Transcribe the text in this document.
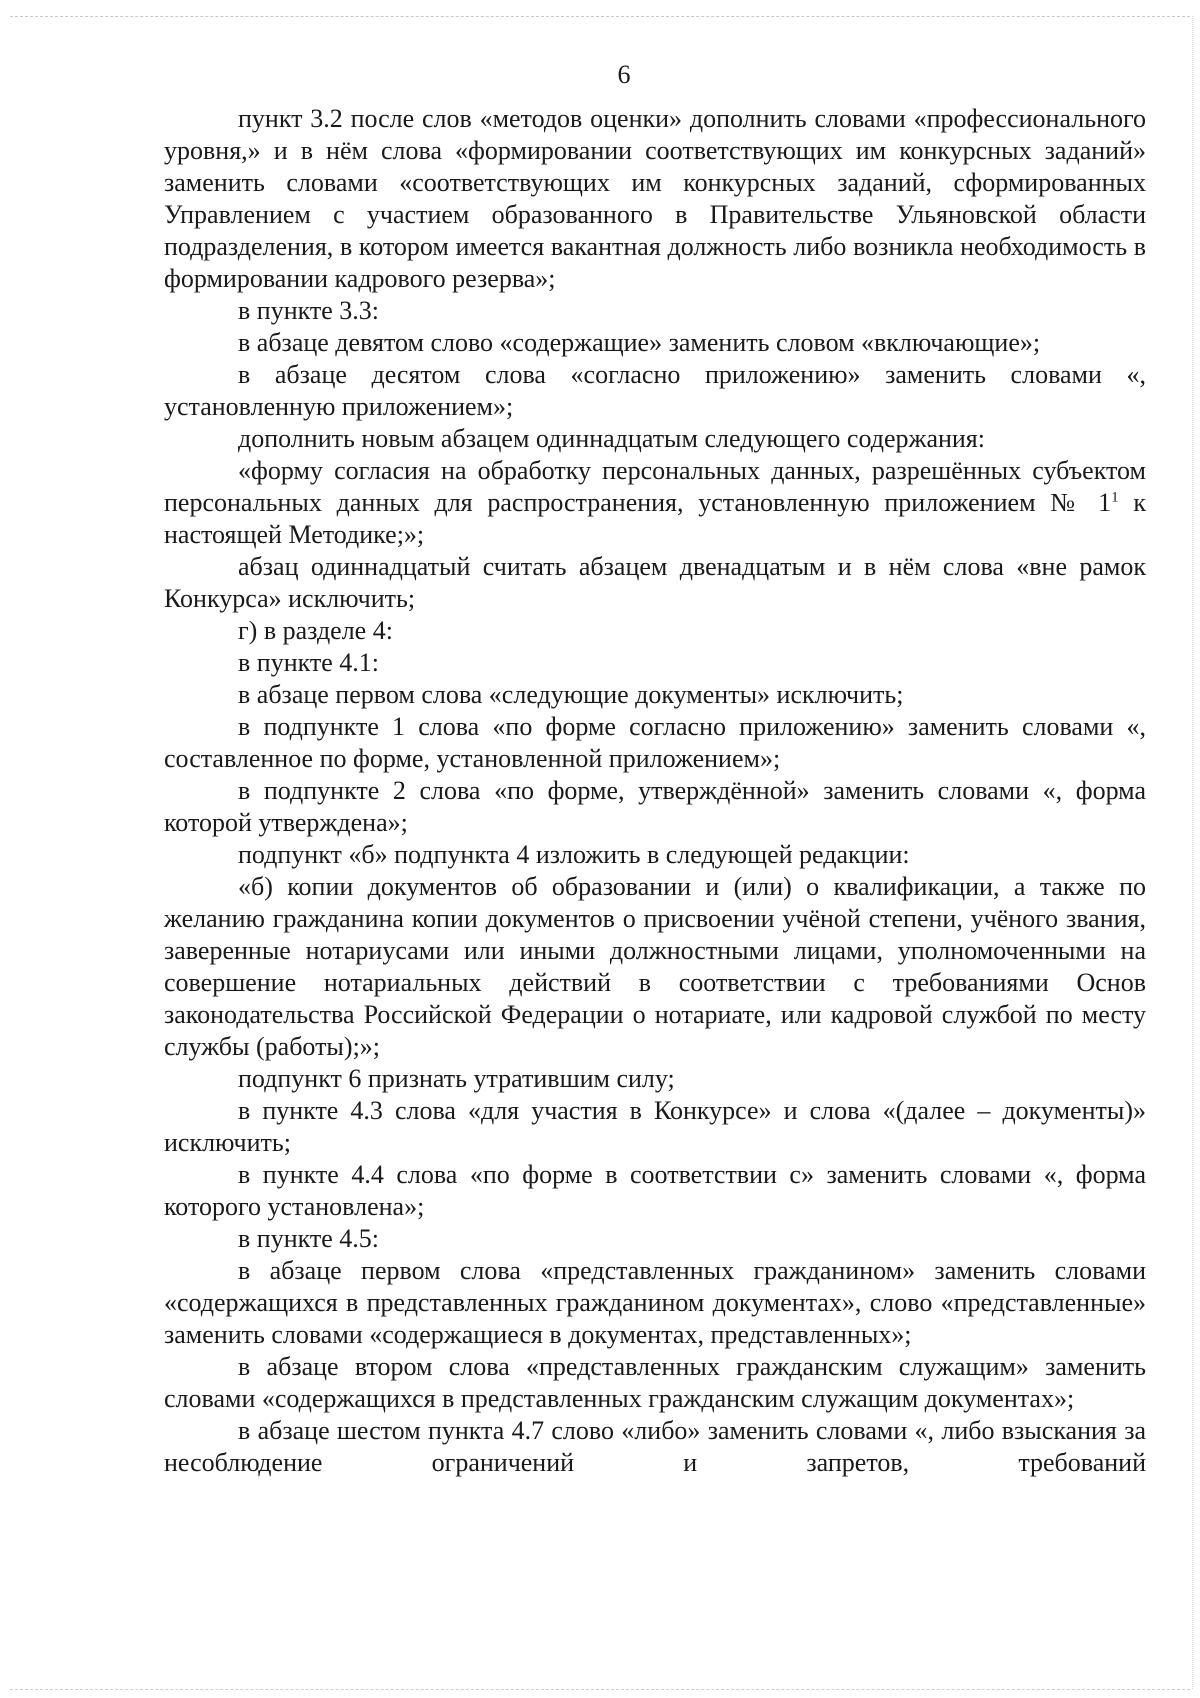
6

пункт 3.2 после слов «методов оценки» дополнить словами «профессионального уровня,» и в нём слова «формировании соответствующих им конкурсных заданий» заменить словами «соответствующих им конкурсных заданий, сформированных Управлением с участием образованного в Правительстве Ульяновской области подразделения, в котором имеется вакантная должность либо возникла необходимость в формировании кадрового резерва»;

в пункте 3.3:

в абзаце девятом слово «содержащие» заменить словом «включающие»;

в абзаце десятом слова «согласно приложению» заменить словами «, установленную приложением»;

дополнить новым абзацем одиннадцатым следующего содержания:

«форму согласия на обработку персональных данных, разрешённых субъектом персональных данных для распространения, установленную приложением № $1^1$ к настоящей Методике;»;

абзац одиннадцатый считать абзацем двенадцатым и в нём слова «вне рамок Конкурса» исключить;

г) в разделе 4:

в пункте 4.1:

в абзаце первом слова «следующие документы» исключить;

в подпункте 1 слова «по форме согласно приложению» заменить словами «, составленное по форме, установленной приложением»;

в подпункте 2 слова «по форме, утверждённой» заменить словами «, форма которой утверждена»;

подпункт «б» подпункта 4 изложить в следующей редакции:

«б) копии документов об образовании и (или) о квалификации, а также по желанию гражданина копии документов о присвоении учёной степени, учёного звания, заверенные нотариусами или иными должностными лицами, уполномоченными на совершение нотариальных действий в соответствии с требованиями Основ законодательства Российской Федерации о нотариате, или кадровой службой по месту службы (работы);»;

подпункт 6 признать утратившим силу;

в пункте 4.3 слова «для участия в Конкурсе» и слова «(далее – документы)» исключить;

в пункте 4.4 слова «по форме в соответствии с» заменить словами «, форма которого установлена»;

в пункте 4.5:

в абзаце первом слова «представленных гражданином» заменить словами «содержащихся в представленных гражданином документах», слово «представленные» заменить словами «содержащиеся в документах, представленных»;

в абзаце втором слова «представленных гражданским служащим» заменить словами «содержащихся в представленных гражданским служащим документах»;

в абзаце шестом пункта 4.7 слово «либо» заменить словами «, либо взыскания за несоблюдение ограничений и запретов, требований
